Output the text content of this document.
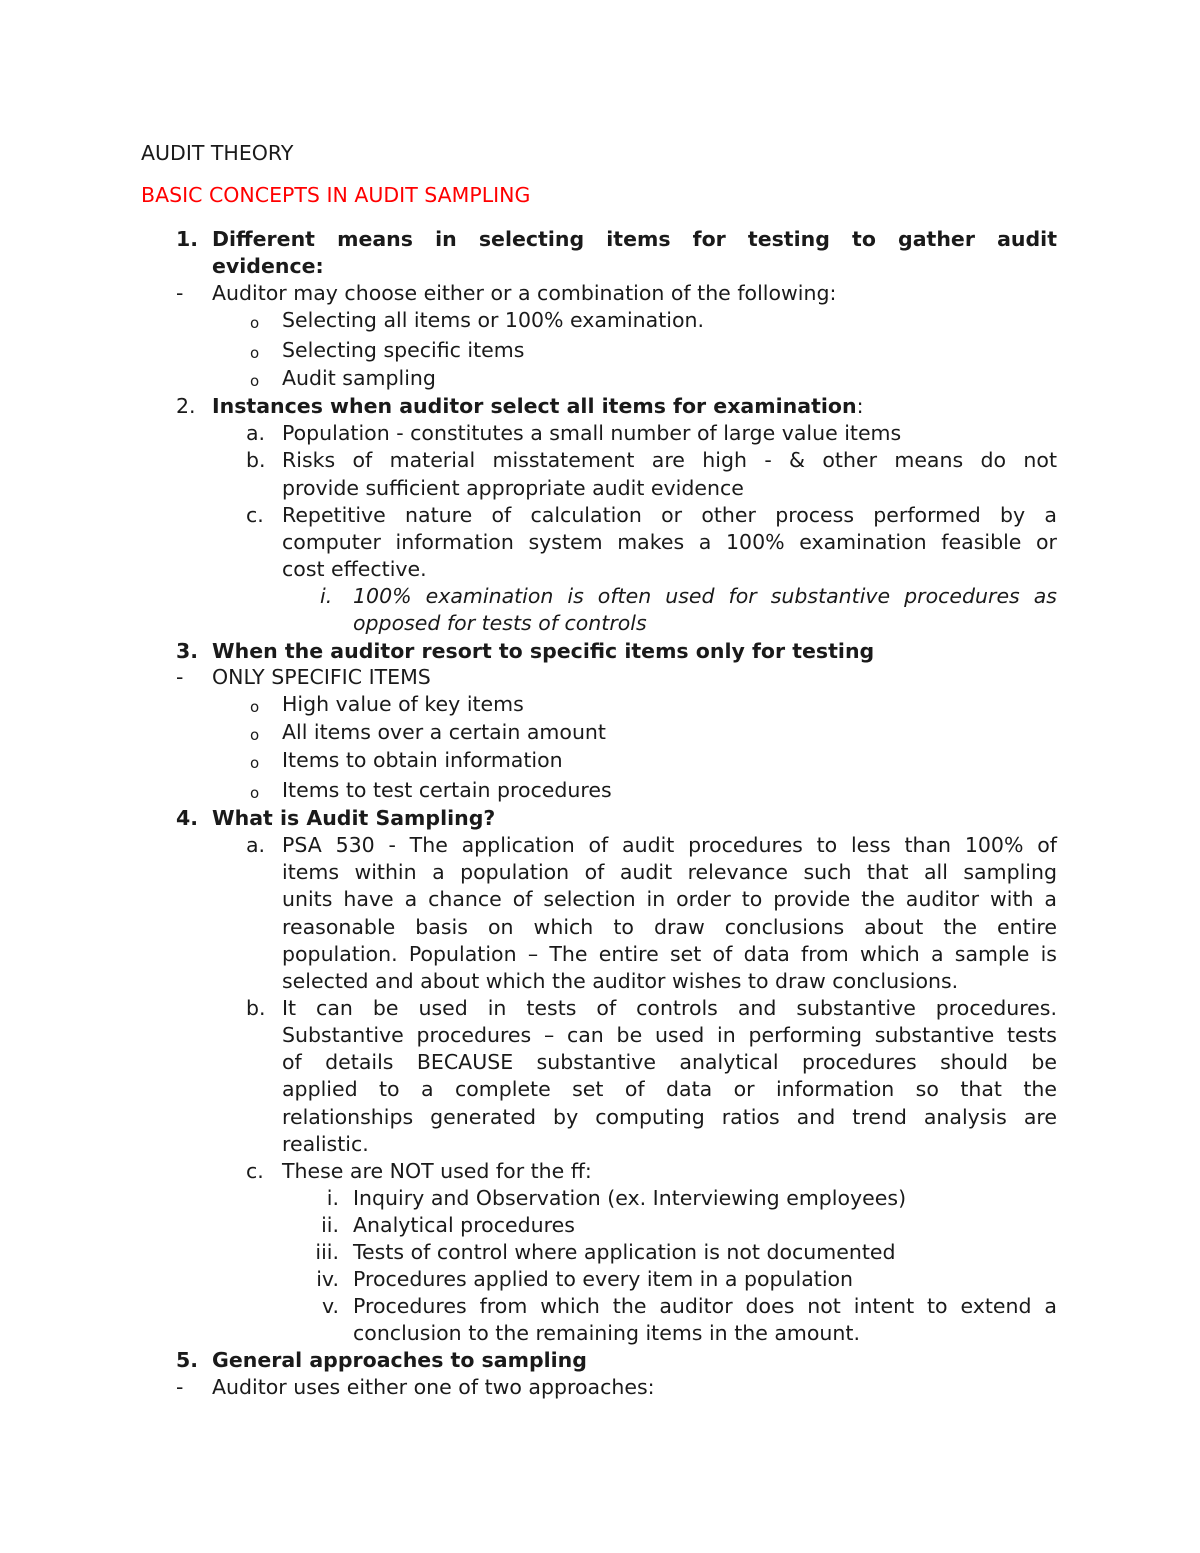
AUDIT THEORY
BASIC CONCEPTS IN AUDIT SAMPLING
1. Different means in selecting items for testing to gather audit
evidence:
- Auditor may choose either or a combination of the following:
o Selecting all items or 100% examination.
o Selecting specific items
o Audit sampling
2. Instances when auditor select all items for examination:
a. Population - constitutes a small number of large value items
b. Risks of material misstatement are high - & other means do not
provide sufficient appropriate audit evidence
c. Repetitive nature of calculation or other process performed by a
computer information system makes a 100% examination feasible or
cost effective.
i. 100% examination is often used for substantive procedures as
opposed for tests of controls
3. When the auditor resort to specific items only for testing
- ONLY SPECIFIC ITEMS
o High value of key items
o All items over a certain amount
o Items to obtain information
o Items to test certain procedures
4. What is Audit Sampling?
a. PSA 530 - The application of audit procedures to less than 100% of
items within a population of audit relevance such that all sampling
units have a chance of selection in order to provide the auditor with a
reasonable basis on which to draw conclusions about the entire
population. Population – The entire set of data from which a sample is
selected and about which the auditor wishes to draw conclusions.
b. It can be used in tests of controls and substantive procedures.
Substantive procedures – can be used in performing substantive tests
of details BECAUSE substantive analytical procedures should be
applied to a complete set of data or information so that the
relationships generated by computing ratios and trend analysis are
realistic.
c. These are NOT used for the ff:
i. Inquiry and Observation (ex. Interviewing employees)
ii. Analytical procedures
iii. Tests of control where application is not documented
iv. Procedures applied to every item in a population
v. Procedures from which the auditor does not intent to extend a
conclusion to the remaining items in the amount.
5. General approaches to sampling
- Auditor uses either one of two approaches:
